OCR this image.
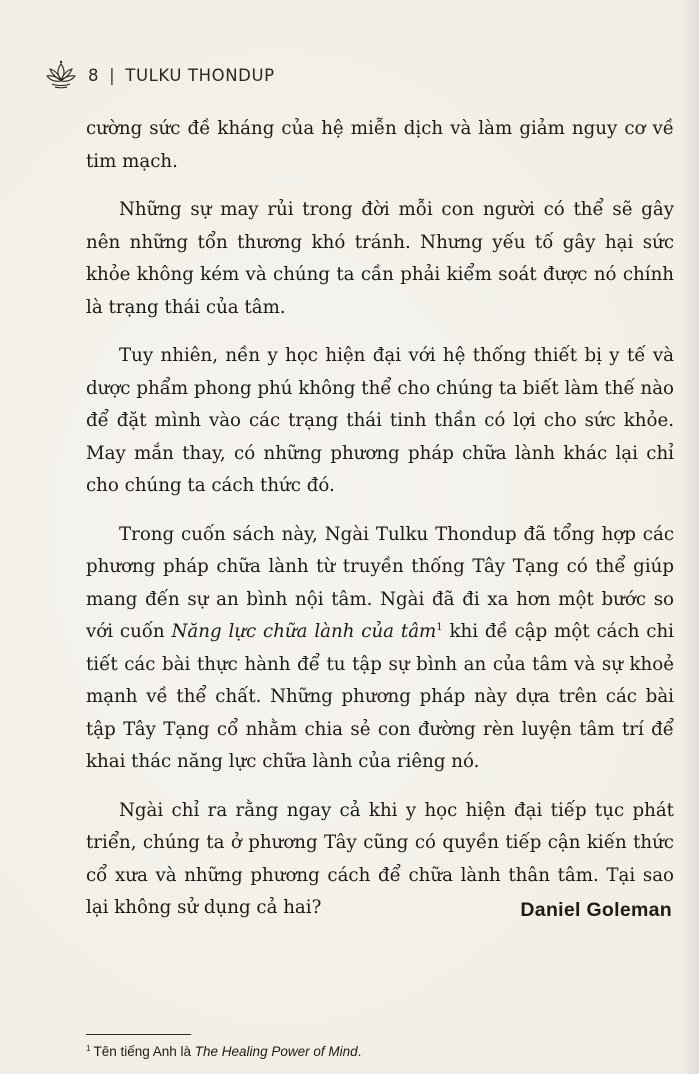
8 | TULKU THONDUP

cường sức đề kháng của hệ miễn dịch và làm giảm nguy cơ về tim mạch.

Những sự may rủi trong đời mỗi con người có thể sẽ gây nên những tổn thương khó tránh. Nhưng yếu tố gây hại sức khỏe không kém và chúng ta cần phải kiểm soát được nó chính là trạng thái của tâm.

Tuy nhiên, nền y học hiện đại với hệ thống thiết bị y tế và dược phẩm phong phú không thể cho chúng ta biết làm thế nào để đặt mình vào các trạng thái tinh thần có lợi cho sức khỏe. May mắn thay, có những phương pháp chữa lành khác lại chỉ cho chúng ta cách thức đó.

Trong cuốn sách này, Ngài Tulku Thondup đã tổng hợp các phương pháp chữa lành từ truyền thống Tây Tạng có thể giúp mang đến sự an bình nội tâm. Ngài đã đi xa hơn một bước so với cuốn Năng lực chữa lành của tâm$^1$ khi đề cập một cách chi tiết các bài thực hành để tu tập sự bình an của tâm và sự khoẻ mạnh về thể chất. Những phương pháp này dựa trên các bài tập Tây Tạng cổ nhằm chia sẻ con đường rèn luyện tâm trí để khai thác năng lực chữa lành của riêng nó.

Ngài chỉ ra rằng ngay cả khi y học hiện đại tiếp tục phát triển, chúng ta ở phương Tây cũng có quyền tiếp cận kiến thức cổ xưa và những phương cách để chữa lành thân tâm. Tại sao lại không sử dụng cả hai?	Daniel Goleman
$^1$ Tên tiếng Anh là The Healing Power of Mind.
